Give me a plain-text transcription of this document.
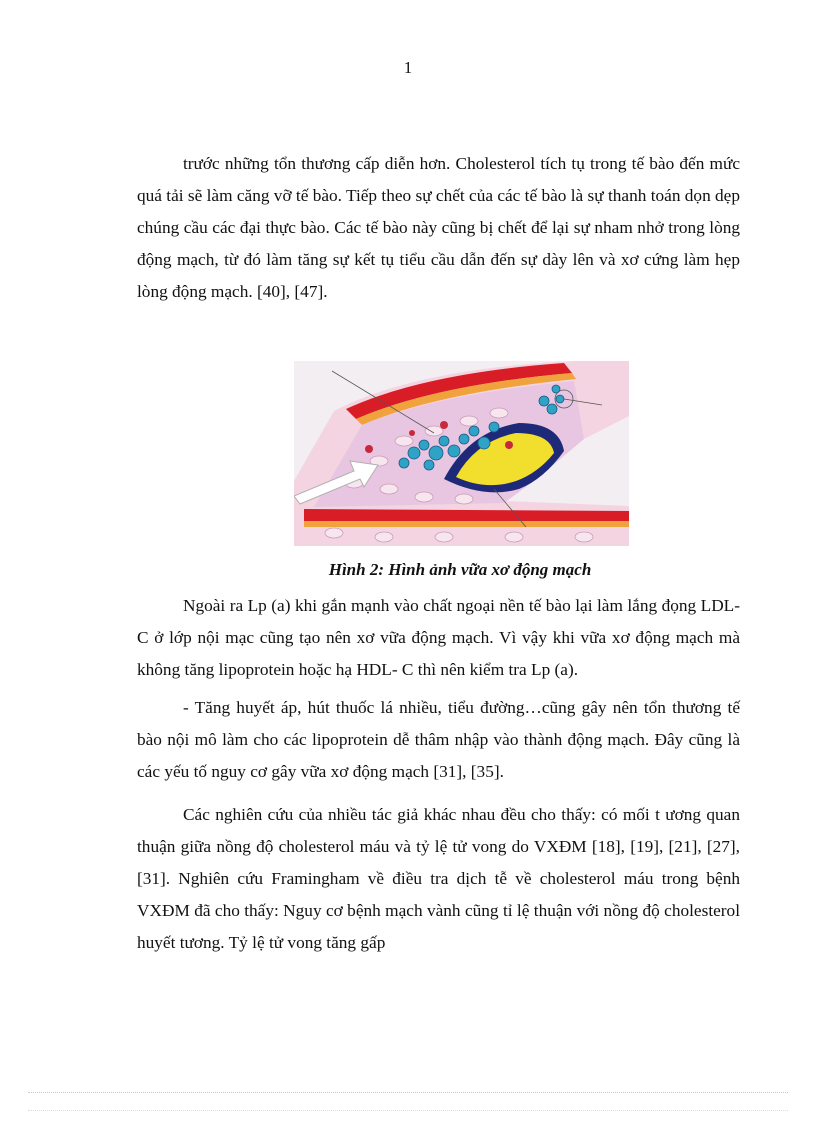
1

trước những tổn thương cấp diễn hơn. Cholesterol tích tụ trong tế bào đến mức quá tải sẽ làm căng vỡ tế bào. Tiếp theo sự chết của các tế bào là sự thanh toán dọn dẹp chúng cầu các đại thực bào. Các tế bào này cũng bị chết để lại sự nham nhở trong lòng động mạch, từ đó làm tăng sự kết tụ tiểu cầu dẫn đến sự dày lên và xơ cứng làm hẹp lòng động mạch. [40], [47].

Hình 2: Hình ảnh vữa xơ động mạch

Ngoài ra Lp (a) khi gắn mạnh vào chất ngoại nền tế bào lại làm lắng đọng LDL- C ở lớp nội mạc cũng tạo nên xơ vữa động mạch. Vì vậy khi vữa xơ động mạch mà không tăng lipoprotein hoặc hạ HDL- C thì nên kiểm tra Lp (a).

- Tăng huyết áp, hút thuốc lá nhiều, tiểu đường…cũng gây nên tổn thương tế bào nội mô làm cho các lipoprotein dễ thâm nhập vào thành động mạch. Đây cũng là các yếu tố nguy cơ gây vữa xơ động mạch [31], [35].

Các nghiên cứu của nhiều tác giả khác nhau đều cho thấy: có mối t ương quan thuận giữa nồng độ cholesterol máu và tỷ lệ tử vong do VXĐM [18], [19], [21], [27], [31]. Nghiên cứu Framingham về điều tra dịch tễ về cholesterol máu trong bệnh VXĐM đã cho thấy: Nguy cơ bệnh mạch vành cũng tỉ lệ thuận với nồng độ cholesterol huyết tương. Tỷ lệ tử vong tăng gấp
